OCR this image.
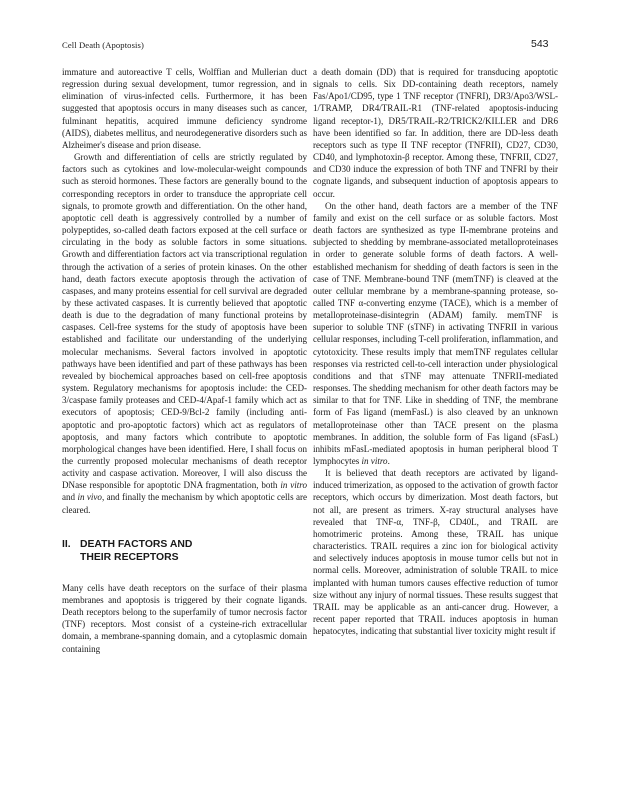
Cell Death (Apoptosis)	543

immature and autoreactive T cells, Wolffian and Mullerian duct regression during sexual development, tumor regression, and in elimination of virus-infected cells. Furthermore, it has been suggested that apoptosis occurs in many diseases such as cancer, fulminant hepatitis, acquired immune deficiency syndrome (AIDS), diabetes mellitus, and neurodegenerative disorders such as Alzheimer's disease and prion disease.

Growth and differentiation of cells are strictly regulated by factors such as cytokines and low-molecular-weight compounds such as steroid hormones. These factors are generally bound to the corresponding receptors in order to transduce the appropriate cell signals, to promote growth and differentiation. On the other hand, apoptotic cell death is aggressively controlled by a number of polypeptides, so-called death factors exposed at the cell surface or circulating in the body as soluble factors in some situations. Growth and differentiation factors act via transcriptional regulation through the activation of a series of protein kinases. On the other hand, death factors execute apoptosis through the activation of caspases, and many proteins essential for cell survival are degraded by these activated caspases. It is currently believed that apoptotic death is due to the degradation of many functional proteins by caspases. Cell-free systems for the study of apoptosis have been established and facilitate our understanding of the underlying molecular mechanisms. Several factors involved in apoptotic pathways have been identified and part of these pathways has been revealed by biochemical approaches based on cell-free apoptosis system. Regulatory mechanisms for apoptosis include: the CED-3/caspase family proteases and CED-4/Apaf-1 family which act as executors of apoptosis; CED-9/Bcl-2 family (including anti-apoptotic and pro-apoptotic factors) which act as regulators of apoptosis, and many factors which contribute to apoptotic morphological changes have been identified. Here, I shall focus on the currently proposed molecular mechanisms of death receptor activity and caspase activation. Moreover, I will also discuss the DNase responsible for apoptotic DNA fragmentation, both in vitro and in vivo, and finally the mechanism by which apoptotic cells are cleared.

II. DEATH FACTORS AND
THEIR RECEPTORS

Many cells have death receptors on the surface of their plasma membranes and apoptosis is triggered by their cognate ligands. Death receptors belong to the superfamily of tumor necrosis factor (TNF) receptors. Most consist of a cysteine-rich extracellular domain, a membrane-spanning domain, and a cytoplasmic domain containing

a death domain (DD) that is required for transducing apoptotic signals to cells. Six DD-containing death receptors, namely Fas/Apo1/CD95, type 1 TNF receptor (TNFRI), DR3/Apo3/WSL-1/TRAMP, DR4/TRAIL-R1 (TNF-related apoptosis-inducing ligand receptor-1), DR5/TRAIL-R2/TRICK2/KILLER and DR6 have been identified so far. In addition, there are DD-less death receptors such as type II TNF receptor (TNFRII), CD27, CD30, CD40, and lymphotoxin-β receptor. Among these, TNFRII, CD27, and CD30 induce the expression of both TNF and TNFRI by their cognate ligands, and subsequent induction of apoptosis appears to occur.

On the other hand, death factors are a member of the TNF family and exist on the cell surface or as soluble factors. Most death factors are synthesized as type II-membrane proteins and subjected to shedding by membrane-associated metalloproteinases in order to generate soluble forms of death factors. A well-established mechanism for shedding of death factors is seen in the case of TNF. Membrane-bound TNF (memTNF) is cleaved at the outer cellular membrane by a membrane-spanning protease, so-called TNF α-converting enzyme (TACE), which is a member of metalloproteinase-disintegrin (ADAM) family. memTNF is superior to soluble TNF (sTNF) in activating TNFRII in various cellular responses, including T-cell proliferation, inflammation, and cytotoxicity. These results imply that memTNF regulates cellular responses via restricted cell-to-cell interaction under physiological conditions and that sTNF may attenuate TNFRII-mediated responses. The shedding mechanism for other death factors may be similar to that for TNF. Like in shedding of TNF, the membrane form of Fas ligand (memFasL) is also cleaved by an unknown metalloproteinase other than TACE present on the plasma membranes. In addition, the soluble form of Fas ligand (sFasL) inhibits mFasL-mediated apoptosis in human peripheral blood T lymphocytes in vitro.

It is believed that death receptors are activated by ligand-induced trimerization, as opposed to the activation of growth factor receptors, which occurs by dimerization. Most death factors, but not all, are present as trimers. X-ray structural analyses have revealed that TNF-α, TNF-β, CD40L, and TRAIL are homotrimeric proteins. Among these, TRAIL has unique characteristics. TRAIL requires a zinc ion for biological activity and selectively induces apoptosis in mouse tumor cells but not in normal cells. Moreover, administration of soluble TRAIL to mice implanted with human tumors causes effective reduction of tumor size without any injury of normal tissues. These results suggest that TRAIL may be applicable as an anti-cancer drug. However, a recent paper reported that TRAIL induces apoptosis in human hepatocytes, indicating that substantial liver toxicity might result if
